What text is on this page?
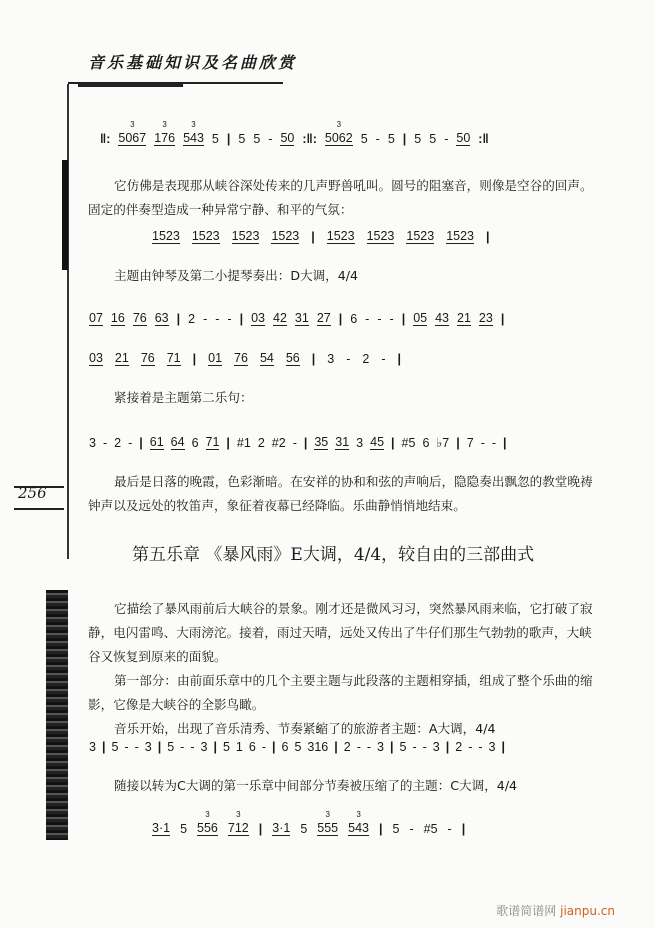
音乐基础知识及名曲欣赏
256
‖: 3 5067 3 176 3 543 5 | 5 5 - 50 :‖: 3 5062 5 - 5 | 5 5 - 50 :‖

它仿佛是表现那从峡谷深处传来的几声野兽吼叫。圆号的阻塞音，则像是空谷的回声。固定的伴奏型造成一种异常宁静、和平的气氛：

1523 1523 1523 1523 | 1523 1523 1523 1523 |

主题由钟琴及第二小提琴奏出：D大调，4/4

07 16 76 63 | 2 - - - | 03 42 31 27 | 6 - - - | 05 43 21 23 |
03 21 76 71 | 01 76 54 56 | 3 - 2 - |

紧接着是主题第二乐句：

3 - 2 - | 61 64 6 71 | #1 2 #2 - | 35 31 3 45 | #5 6 ♭7 | 7 - - |

最后是日落的晚霞，色彩渐暗。在安祥的协和和弦的声响后，隐隐奏出飘忽的教堂晚祷钟声以及远处的牧笛声，象征着夜幕已经降临。乐曲静悄悄地结束。

第五乐章 《暴风雨》E大调，4/4，较自由的三部曲式

它描绘了暴风雨前后大峡谷的景象。刚才还是微风习习，突然暴风雨来临，它打破了寂静，电闪雷鸣、大雨滂沱。接着，雨过天晴，远处又传出了牛仔们那生气勃勃的歌声，大峡谷又恢复到原来的面貌。

第一部分：由前面乐章中的几个主要主题与此段落的主题相穿插，组成了整个乐曲的缩影，它像是大峡谷的全影鸟瞰。

音乐开始，出现了音乐清秀、节奏紧缩了的旅游者主题：A大调，4/4

3 | 5 - - 3 | 5 - - 3 | 5 1 6 - | 6 5 3 316 | 2 - - 3 | 5 - - 3 | 2 - - 3 |

随接以转为C大调的第一乐章中间部分节奏被压缩了的主题：C大调，4/4

3·1 5 3 556 3 712 | 3·1 5 3 555 3 543 | 5 - #5 - |
歌谱简谱网 jianpu.cn
